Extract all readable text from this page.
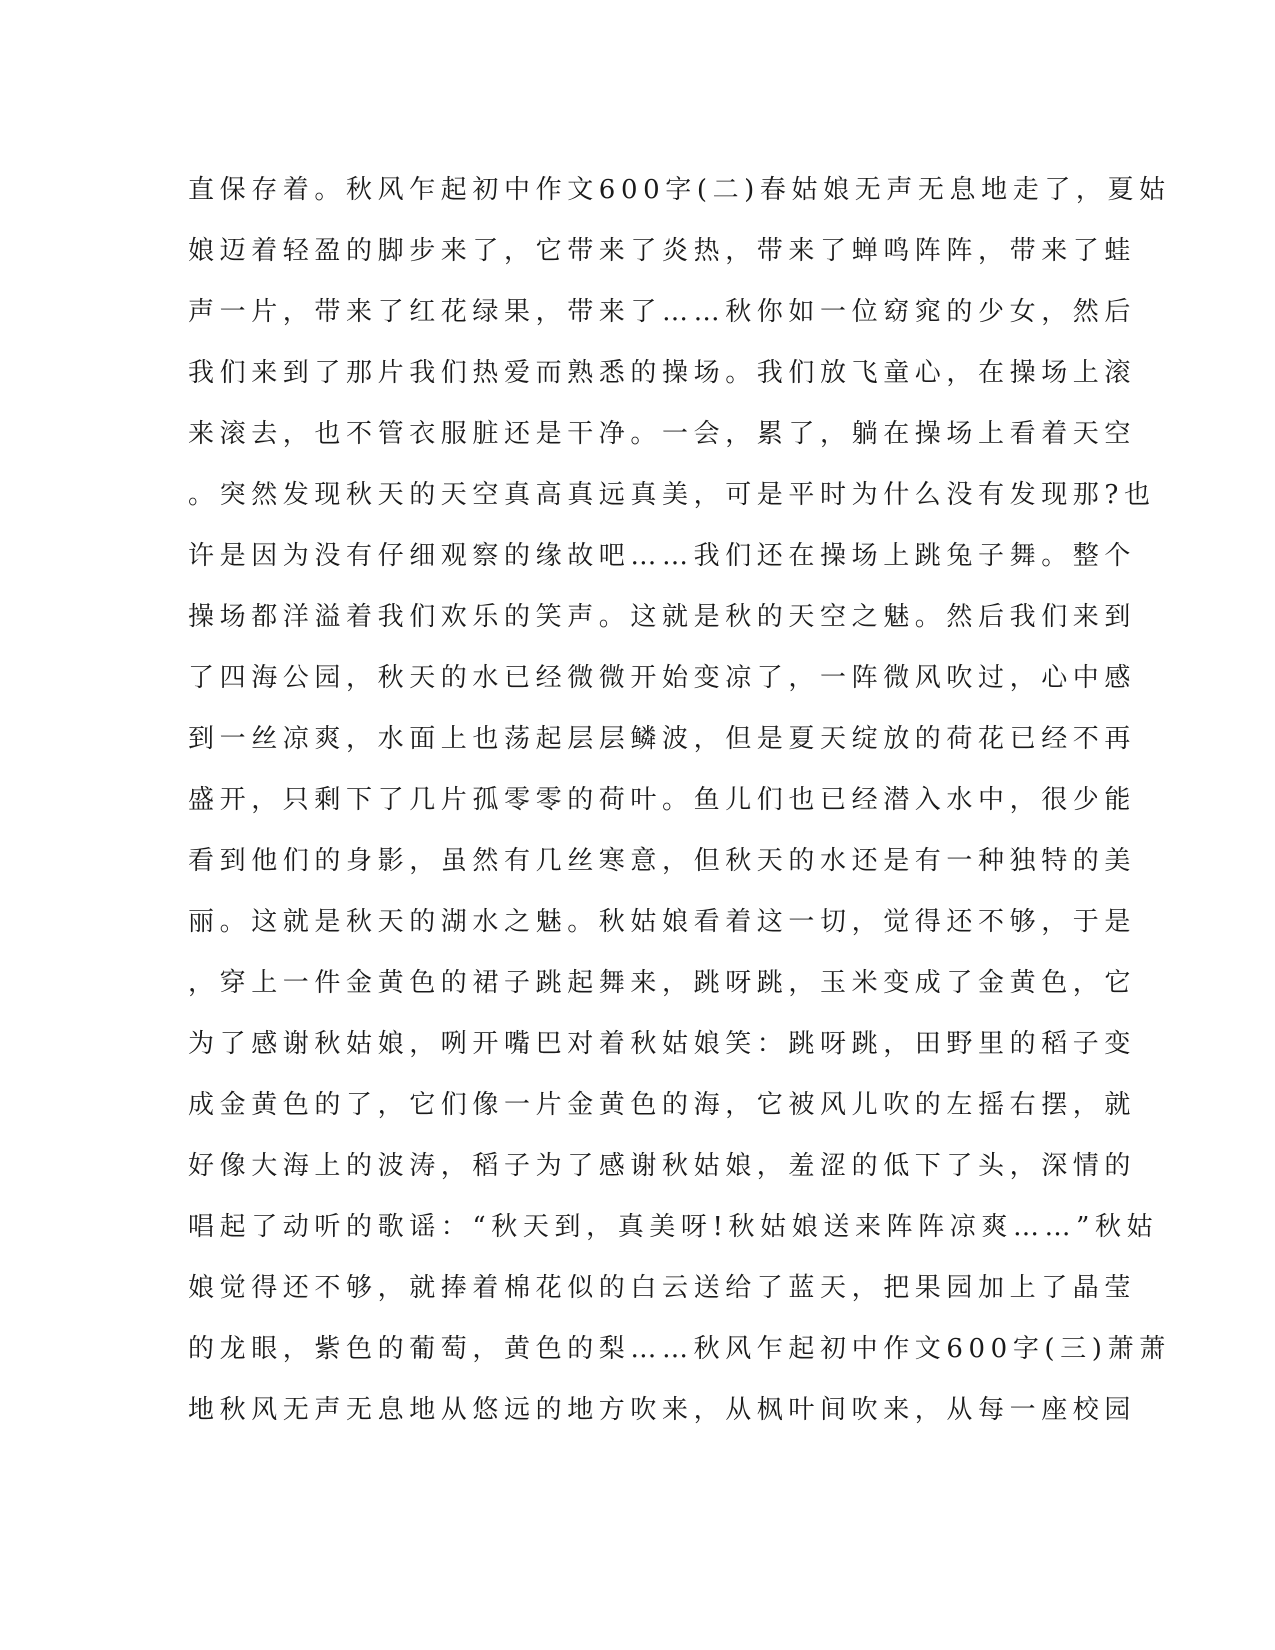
直保存着。秋风乍起初中作文600字(二)春姑娘无声无息地走了，夏姑
娘迈着轻盈的脚步来了，它带来了炎热，带来了蝉鸣阵阵，带来了蛙
声一片，带来了红花绿果，带来了……秋你如一位窈窕的少女，然后
我们来到了那片我们热爱而熟悉的操场。我们放飞童心，在操场上滚
来滚去，也不管衣服脏还是干净。一会，累了，躺在操场上看着天空
。突然发现秋天的天空真高真远真美，可是平时为什么没有发现那?也
许是因为没有仔细观察的缘故吧……我们还在操场上跳兔子舞。整个
操场都洋溢着我们欢乐的笑声。这就是秋的天空之魅。然后我们来到
了四海公园，秋天的水已经微微开始变凉了，一阵微风吹过，心中感
到一丝凉爽，水面上也荡起层层鳞波，但是夏天绽放的荷花已经不再
盛开，只剩下了几片孤零零的荷叶。鱼儿们也已经潜入水中，很少能
看到他们的身影，虽然有几丝寒意，但秋天的水还是有一种独特的美
丽。这就是秋天的湖水之魅。秋姑娘看着这一切，觉得还不够，于是
，穿上一件金黄色的裙子跳起舞来，跳呀跳，玉米变成了金黄色，它
为了感谢秋姑娘，咧开嘴巴对着秋姑娘笑：跳呀跳，田野里的稻子变
成金黄色的了，它们像一片金黄色的海，它被风儿吹的左摇右摆，就
好像大海上的波涛，稻子为了感谢秋姑娘，羞涩的低下了头，深情的
唱起了动听的歌谣：“秋天到，真美呀!秋姑娘送来阵阵凉爽……”秋姑
娘觉得还不够，就捧着棉花似的白云送给了蓝天，把果园加上了晶莹
的龙眼，紫色的葡萄，黄色的梨……秋风乍起初中作文600字(三)萧萧
地秋风无声无息地从悠远的地方吹来，从枫叶间吹来，从每一座校园
